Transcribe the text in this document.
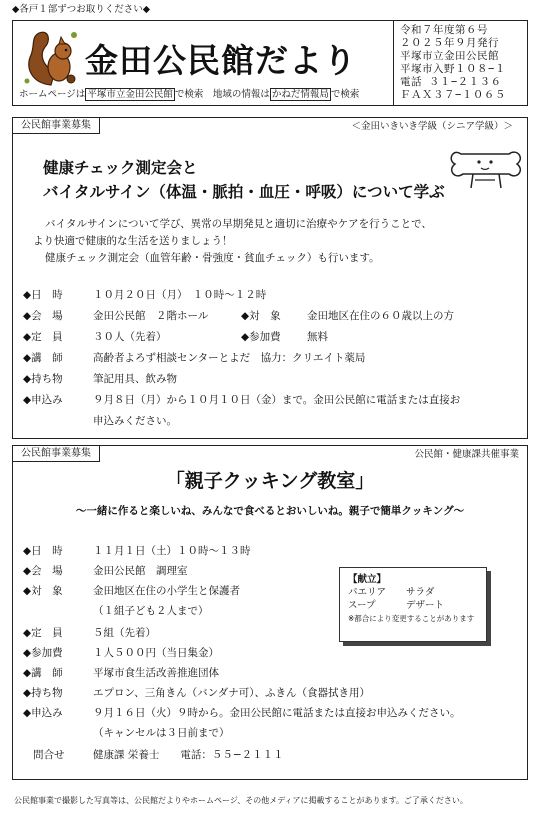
◆各戸１部ずつお取りください◆
金田公民館だより
ホームページは 平塚市立金田公民館 で検索　地域の情報は かねだ情報局 で検索
令和７年度第６号
２０２５年９月発行
平塚市立金田公民館
平塚市入野１０８−１
電話 ３１−２１３６
ＦＡＸ３７−１０６５
公民館事業募集	＜金田いきいき学級（シニア学級）＞
健康チェック測定会と
バイタルサイン（体温・脈拍・血圧・呼吸）について学ぶ
バイタルサインについて学び、異常の早期発見と適切に治療やケアを行うことで、
より快適で健康的な生活を送りましょう！
健康チェック測定会（血管年齢・骨強度・貧血チェック）も行います。
◆日　時	１０月２０日（月）　１０時〜１２時
◆会　場	金田公民館　２階ホール	◆対　象	金田地区在住の６０歳以上の方
◆定　員	３０人（先着）	◆参加費	無料
◆講　師	高齢者よろず相談センターとよだ　協力：クリエイト薬局
◆持ち物	筆記用具、飲み物
◆申込み	９月８日（月）から１０月１０日（金）まで。金田公民館に電話または直接お
申込みください。
公民館事業募集	公民館・健康課共催事業
「親子クッキング教室」
〜一緒に作ると楽しいね、みんなで食べるとおいしいね。親子で簡単クッキング〜
◆日　時	１１月１日（土）１０時〜１３時
◆会　場	金田公民館　調理室
◆対　象	金田地区在住の小学生と保護者
（１組子ども２人まで）
◆定　員	５組（先着）
◆参加費	１人５００円（当日集金）
◆講　師	平塚市食生活改善推進団体
◆持ち物	エプロン、三角きん（バンダナ可）、ふきん（食器拭き用）
◆申込み	９月１６日（火）９時から。金田公民館に電話または直接お申込みください。
（キャンセルは３日前まで）
問合せ	健康課 栄養士　　電話：５５−２１１１
【献立】
パエリア サラダ
スープ	デザート
※都合により変更することがあります
公民館事業で撮影した写真等は、公民館だよりやホームページ、その他メディアに掲載することがあります。ご了承ください。
